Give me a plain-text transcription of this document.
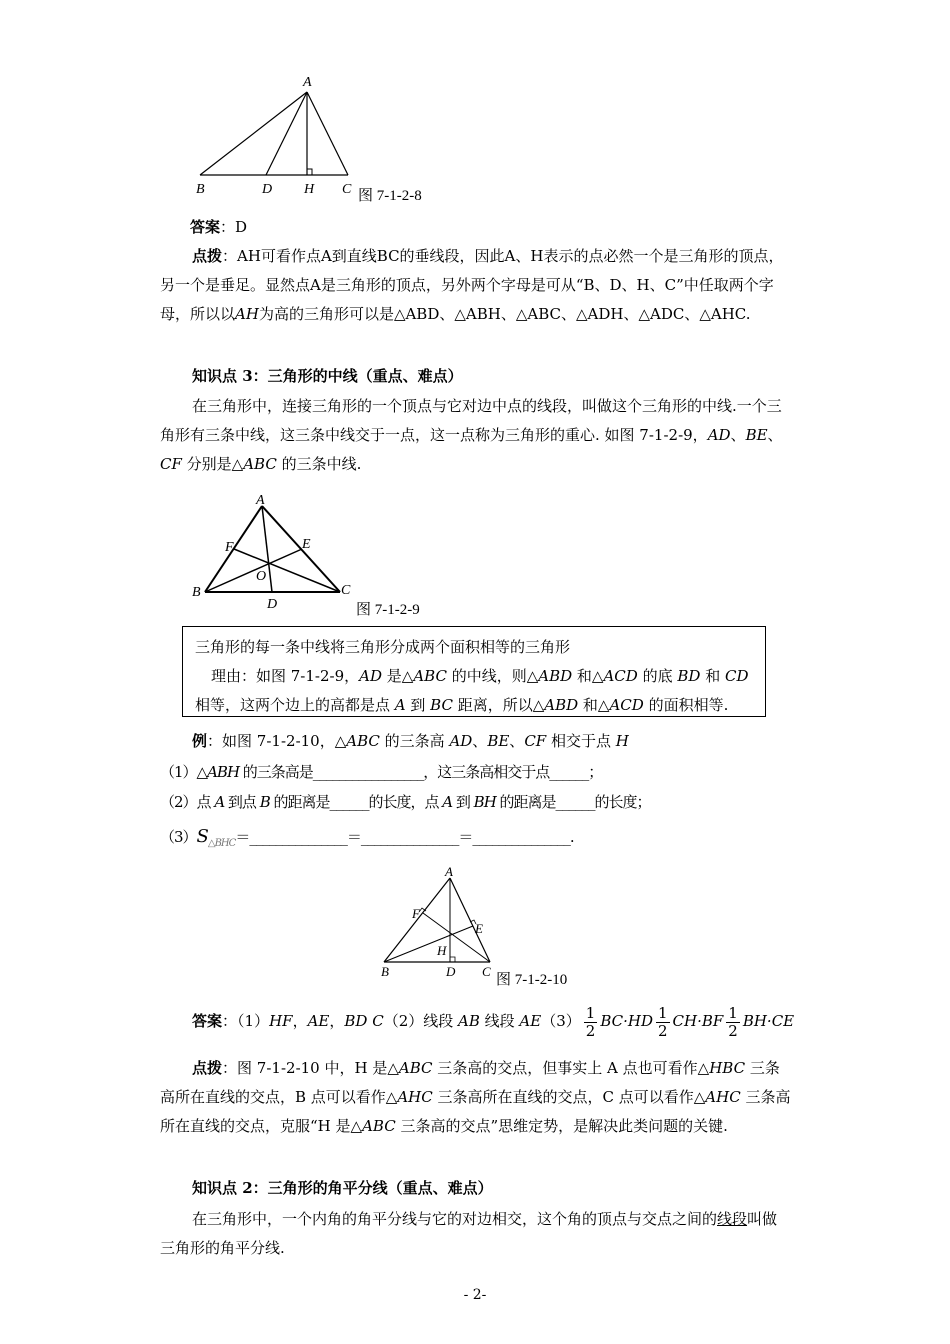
A
B	D H C 图 7-1-2-8
答案：D
点拨：AH可看作点A到直线BC的垂线段，因此A、H表示的点必然一个是三角形的顶点，另一个是垂足。显然点A是三角形的顶点，另外两个字母是可从“B、D、H、C”中任取两个字母，所以以AH为高的三角形可以是△ABD、△ABH、△ABC、△ADH、△ADC、△AHC.
知识点 3：三角形的中线（重点、难点）
在三角形中，连接三角形的一个顶点与它对边中点的线段，叫做这个三角形的中线.一个三角形有三条中线，这三条中线交于一点，这一点称为三角形的重心. 如图 7-1-2-9，AD、BE、CF 分别是△ABC 的三条中线.
A
F	E
O
B	C
D	图 7-1-2-9
三角形的每一条中线将三角形分成两个面积相等的三角形
理由：如图 7-1-2-9，AD 是△ABC 的中线，则△ABD 和△ACD 的底 BD 和 CD
相等，这两个边上的高都是点 A 到 BC 距离，所以△ABD 和△ACD 的面积相等.
例：如图 7-1-2-10，△ABC 的三条高 AD、BE、CF 相交于点 H
（1）△ABH 的三条高是_________________，这三条高相交于点______；
（2）点 A 到点 B 的距离是______的长度，点 A 到 BH 的距离是______的长度；
$(3)S_{\triangle BHC}=\_\_\_\_\_\_\_\_\_\_\_\_\_\_\_=\_\_\_\_\_\_\_\_\_\_\_\_\_\_\_=\_\_\_\_\_\_\_\_\_\_\_\_\_\_\_$.
A
F
E
H
B	D C
图 7-1-2-10
答案：（1）HF，AE，BD C（2）线段 AB 线段 $AE(3) \frac{1}{2} BC\cdot HD \frac{1}{2} CH\cdot BF \frac{1}{2} BH\cdot CE$
点拨：图 7-1-2-10 中，H 是△ABC 三条高的交点，但事实上 A 点也可看作△HBC 三条高所在直线的交点，B 点可以看作△AHC 三条高所在直线的交点，C 点可以看作△AHC 三条高所在直线的交点，克服“H 是△ABC 三条高的交点”思维定势，是解决此类问题的关键.
知识点 2：三角形的角平分线（重点、难点）
在三角形中，一个内角的角平分线与它的对边相交，这个角的顶点与交点之间的线段叫做三角形的角平分线.
- 2-
